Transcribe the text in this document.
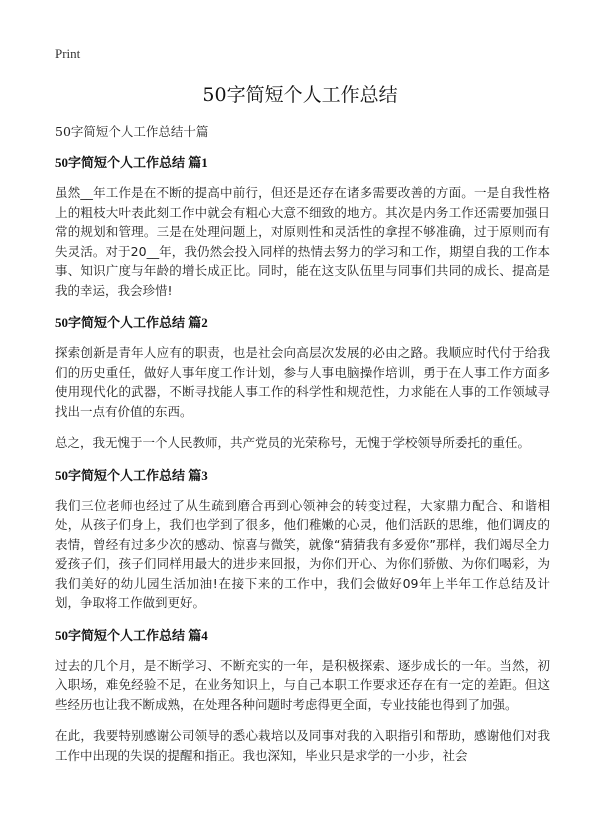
Print
50字简短个人工作总结
50字简短个人工作总结十篇
50字简短个人工作总结 篇1

虽然__年工作是在不断的提高中前行，但还是还存在诸多需要改善的方面。一是自我性格上的粗枝大叶表此刻工作中就会有粗心大意不细致的地方。其次是内务工作还需要加强日常的规划和管理。三是在处理问题上，对原则性和灵活性的拿捏不够准确，过于原则而有失灵活。对于20__年，我仍然会投入同样的热情去努力的学习和工作，期望自我的工作本事、知识广度与年龄的增长成正比。同时，能在这支队伍里与同事们共同的成长、提高是我的幸运，我会珍惜!

50字简短个人工作总结 篇2

探索创新是青年人应有的职责，也是社会向高层次发展的必由之路。我顺应时代付于给我们的历史重任，做好人事年度工作计划，参与人事电脑操作培训，勇于在人事工作方面多使用现代化的武器，不断寻找能人事工作的科学性和规范性，力求能在人事的工作领域寻找出一点有价值的东西。

总之，我无愧于一个人民教师，共产党员的光荣称号，无愧于学校领导所委托的重任。

50字简短个人工作总结 篇3

我们三位老师也经过了从生疏到磨合再到心领神会的转变过程，大家鼎力配合、和谐相处，从孩子们身上，我们也学到了很多，他们稚嫩的心灵，他们活跃的思维，他们调皮的表情，曾经有过多少次的感动、惊喜与微笑，就像“猜猜我有多爱你”那样，我们竭尽全力爱孩子们，孩子们同样用最大的进步来回报，为你们开心、为你们骄傲、为你们喝彩，为我们美好的幼儿园生活加油!在接下来的工作中，我们会做好09年上半年工作总结及计划，争取将工作做到更好。

50字简短个人工作总结 篇4

过去的几个月，是不断学习、不断充实的一年，是积极探索、逐步成长的一年。当然，初入职场，难免经验不足，在业务知识上，与自己本职工作要求还存在有一定的差距。但这些经历也让我不断成熟，在处理各种问题时考虑得更全面，专业技能也得到了加强。

在此，我要特别感谢公司领导的悉心栽培以及同事对我的入职指引和帮助，感谢他们对我工作中出现的失误的提醒和指正。我也深知，毕业只是求学的一小步，社会
